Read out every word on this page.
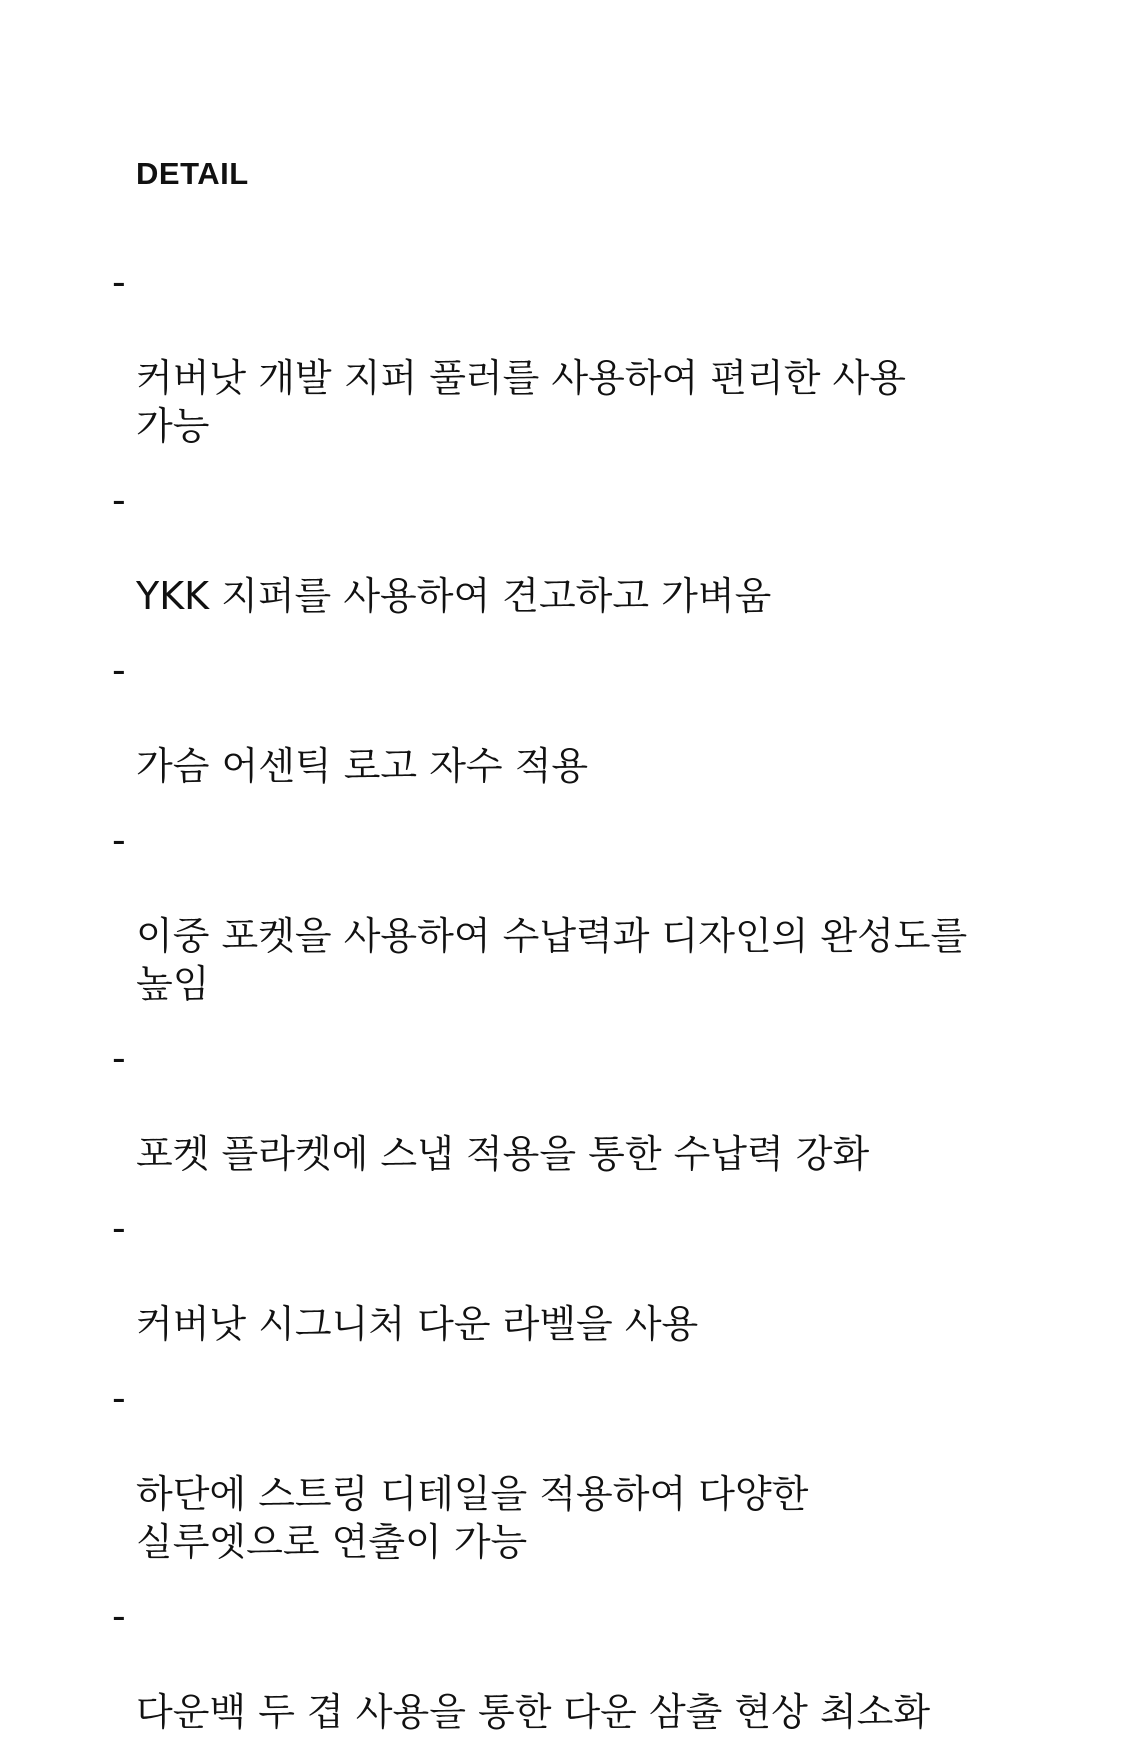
DETAIL

-

커버낫 개발 지퍼 풀러를 사용하여 편리한 사용
가능

-

YKK 지퍼를 사용하여 견고하고 가벼움

-

가슴 어센틱 로고 자수 적용

-

이중 포켓을 사용하여 수납력과 디자인의 완성도를
높임

-

포켓 플라켓에 스냅 적용을 통한 수납력 강화

-

커버낫 시그니처 다운 라벨을 사용

-

하단에 스트링 디테일을 적용하여 다양한
실루엣으로 연출이 가능

-

다운백 두 겹 사용을 통한 다운 삼출 현상 최소화
